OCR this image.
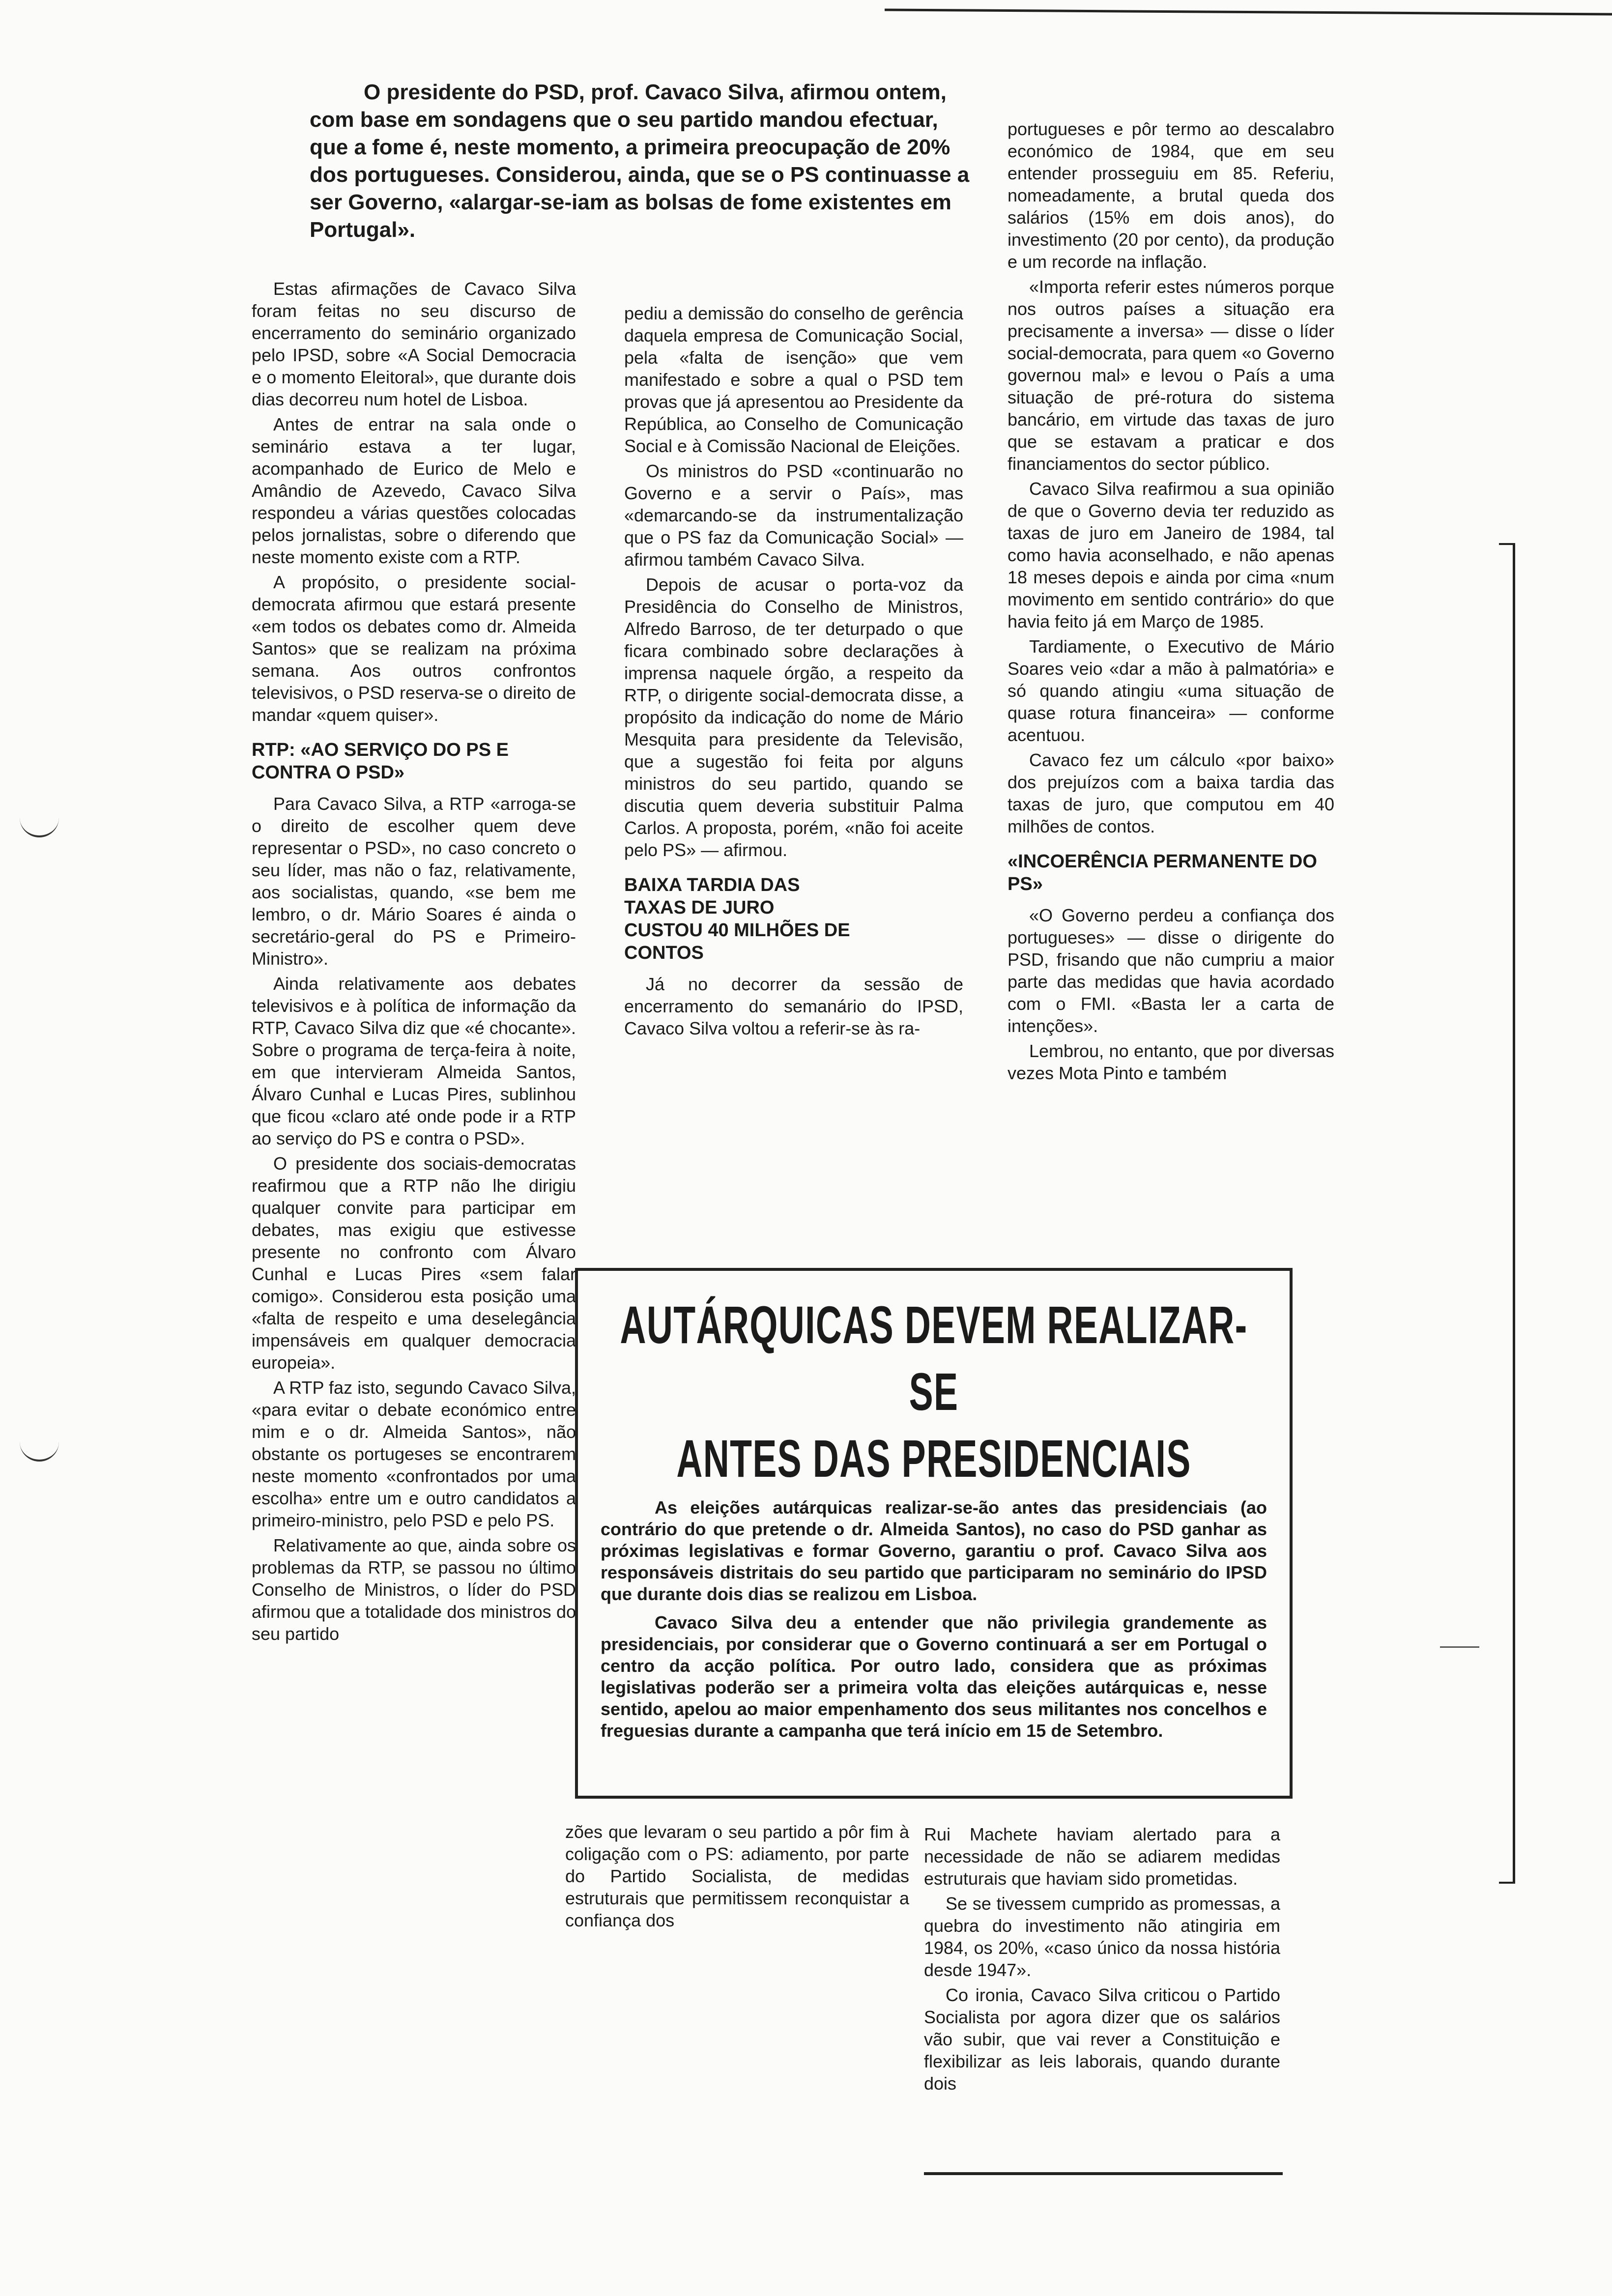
O presidente do PSD, prof. Cavaco Silva, afirmou ontem, com base em sondagens que o seu partido mandou efectuar, que a fome é, neste momento, a primeira preocupação de 20% dos portugueses. Considerou, ainda, que se o PS continuasse a ser Governo, «alargar-se-iam as bolsas de fome existentes em Portugal».

Estas afirmações de Cavaco Silva foram feitas no seu discurso de encerramento do seminário organizado pelo IPSD, sobre «A Social Democracia e o momento Eleitoral», que durante dois dias decorreu num hotel de Lisboa.

Antes de entrar na sala onde o seminário estava a ter lugar, acompanhado de Eurico de Melo e Amândio de Azevedo, Cavaco Silva respondeu a várias questões colocadas pelos jornalistas, sobre o diferendo que neste momento existe com a RTP.

A propósito, o presidente social-democrata afirmou que estará presente «em todos os debates como dr. Almeida Santos» que se realizam na próxima semana. Aos outros confrontos televisivos, o PSD reserva-se o direito de mandar «quem quiser».

RTP: «AO SERVIÇO DO PS E CONTRA O PSD»

Para Cavaco Silva, a RTP «arroga-se o direito de escolher quem deve representar o PSD», no caso concreto o seu líder, mas não o faz, relativamente, aos socialistas, quando, «se bem me lembro, o dr. Mário Soares é ainda o secretário-geral do PS e Primeiro-Ministro».

Ainda relativamente aos debates televisivos e à política de informação da RTP, Cavaco Silva diz que «é chocante». Sobre o programa de terça-feira à noite, em que intervieram Almeida Santos, Álvaro Cunhal e Lucas Pires, sublinhou que ficou «claro até onde pode ir a RTP ao serviço do PS e contra o PSD».

O presidente dos sociais-democratas reafirmou que a RTP não lhe dirigiu qualquer convite para participar em debates, mas exigiu que estivesse presente no confronto com Álvaro Cunhal e Lucas Pires «sem falar comigo». Considerou esta posição uma «falta de respeito e uma deselegância impensáveis em qualquer democracia europeia».

A RTP faz isto, segundo Cavaco Silva, «para evitar o debate económico entre mim e o dr. Almeida Santos», não obstante os portugeses se encontrarem neste momento «confrontados por uma escolha» entre um e outro candidatos a primeiro-ministro, pelo PSD e pelo PS.

Relativamente ao que, ainda sobre os problemas da RTP, se passou no último Conselho de Ministros, o líder do PSD afirmou que a totalidade dos ministros do seu partido

pediu a demissão do conselho de gerência daquela empresa de Comunicação Social, pela «falta de isenção» que vem manifestado e sobre a qual o PSD tem provas que já apresentou ao Presidente da República, ao Conselho de Comunicação Social e à Comissão Nacional de Eleições.

Os ministros do PSD «continuarão no Governo e a servir o País», mas «demarcando-se da instrumentalização que o PS faz da Comunicação Social» — afirmou também Cavaco Silva.

Depois de acusar o porta-voz da Presidência do Conselho de Ministros, Alfredo Barroso, de ter deturpado o que ficara combinado sobre declarações à imprensa naquele órgão, a respeito da RTP, o dirigente social-democrata disse, a propósito da indicação do nome de Mário Mesquita para presidente da Televisão, que a sugestão foi feita por alguns ministros do seu partido, quando se discutia quem deveria substituir Palma Carlos. A proposta, porém, «não foi aceite pelo PS» — afirmou.

BAIXA TARDIA DAS TAXAS DE JURO CUSTOU 40 MILHÕES DE CONTOS

Já no decorrer da sessão de encerramento do semanário do IPSD, Cavaco Silva voltou a referir-se às ra-

portugueses e pôr termo ao descalabro económico de 1984, que em seu entender prosseguiu em 85. Referiu, nomeadamente, a brutal queda dos salários (15% em dois anos), do investimento (20 por cento), da produção e um recorde na inflação.

«Importa referir estes números porque nos outros países a situação era precisamente a inversa» — disse o líder social-democrata, para quem «o Governo governou mal» e levou o País a uma situação de pré-rotura do sistema bancário, em virtude das taxas de juro que se estavam a praticar e dos financiamentos do sector público.

Cavaco Silva reafirmou a sua opinião de que o Governo devia ter reduzido as taxas de juro em Janeiro de 1984, tal como havia aconselhado, e não apenas 18 meses depois e ainda por cima «num movimento em sentido contrário» do que havia feito já em Março de 1985.

Tardiamente, o Executivo de Mário Soares veio «dar a mão à palmatória» e só quando atingiu «uma situação de quase rotura financeira» — conforme acentuou.

Cavaco fez um cálculo «por baixo» dos prejuízos com a baixa tardia das taxas de juro, que computou em 40 milhões de contos.

«INCOERÊNCIA PERMANENTE DO PS»

«O Governo perdeu a confiança dos portugueses» — disse o dirigente do PSD, frisando que não cumpriu a maior parte das medidas que havia acordado com o FMI. «Basta ler a carta de intenções».

Lembrou, no entanto, que por diversas vezes Mota Pinto e também

AUTÁRQUICAS DEVEM REALIZAR-SE
ANTES DAS PRESIDENCIAIS

As eleições autárquicas realizar-se-ão antes das presidenciais (ao contrário do que pretende o dr. Almeida Santos), no caso do PSD ganhar as próximas legislativas e formar Governo, garantiu o prof. Cavaco Silva aos responsáveis distritais do seu partido que participaram no seminário do IPSD que durante dois dias se realizou em Lisboa.

Cavaco Silva deu a entender que não privilegia grandemente as presidenciais, por considerar que o Governo continuará a ser em Portugal o centro da acção política. Por outro lado, considera que as próximas legislativas poderão ser a primeira volta das eleições autárquicas e, nesse sentido, apelou ao maior empenhamento dos seus militantes nos concelhos e freguesias durante a campanha que terá início em 15 de Setembro.

zões que levaram o seu partido a pôr fim à coligação com o PS: adiamento, por parte do Partido Socialista, de medidas estruturais que permitissem reconquistar a confiança dos

Rui Machete haviam alertado para a necessidade de não se adiarem medidas estruturais que haviam sido prometidas.

Se se tivessem cumprido as promessas, a quebra do investimento não atingiria em 1984, os 20%, «caso único da nossa história desde 1947».

Co ironia, Cavaco Silva criticou o Partido Socialista por agora dizer que os salários vão subir, que vai rever a Constituição e flexibilizar as leis laborais, quando durante dois
